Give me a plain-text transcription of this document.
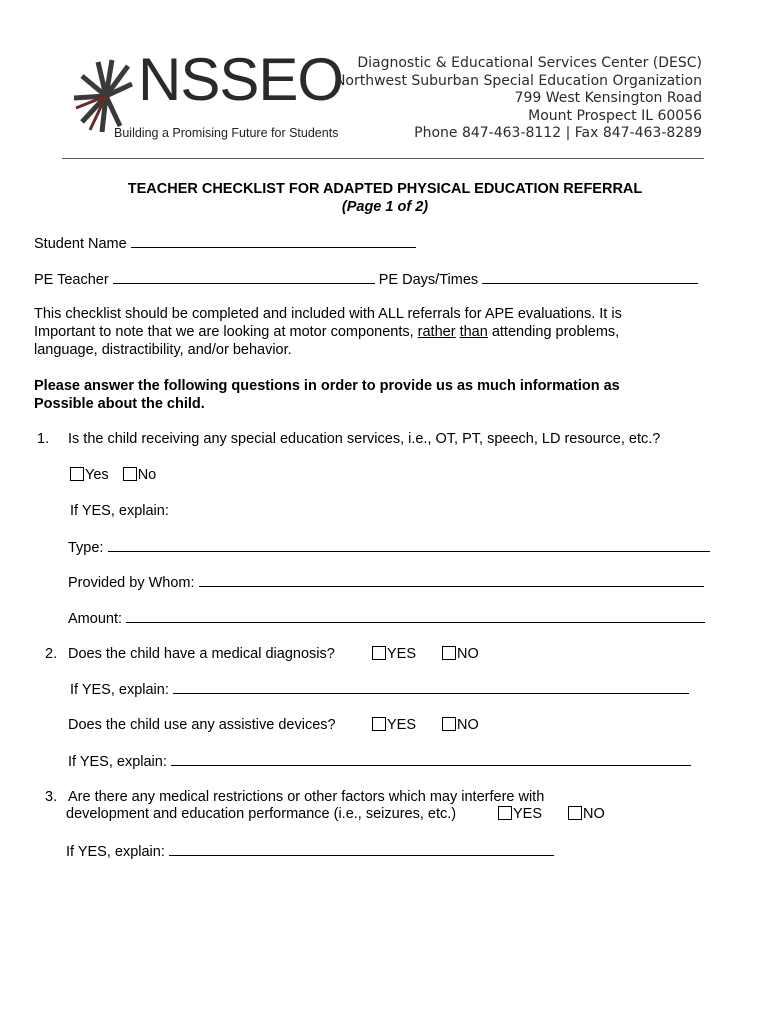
NSSEO
Building a Promising Future for Students
Diagnostic & Educational Services Center (DESC)
Northwest Suburban Special Education Organization
799 West Kensington Road
Mount Prospect IL 60056
Phone 847-463-8112 | Fax 847-463-8289
TEACHER CHECKLIST FOR ADAPTED PHYSICAL EDUCATION REFERRAL
(Page 1 of 2)
Student Name
PE Teacher	PE Days/Times
This checklist should be completed and included with ALL referrals for APE evaluations. It is
Important to note that we are looking at motor components, rather than attending problems,
language, distractibility, and/or behavior.
Please answer the following questions in order to provide us as much information as
Possible about the child.
1. Is the child receiving any special education services, i.e., OT, PT, speech, LD resource, etc.?
Yes No
If YES, explain:
Type:
Provided by Whom:
Amount:
2. Does the child have a medical diagnosis?	YES	NO
If YES, explain:
Does the child use any assistive devices?	YES	NO
If YES, explain:
3. Are there any medical restrictions or other factors which may interfere with
development and education performance (i.e., seizures, etc.)	YES	NO
If YES, explain:
